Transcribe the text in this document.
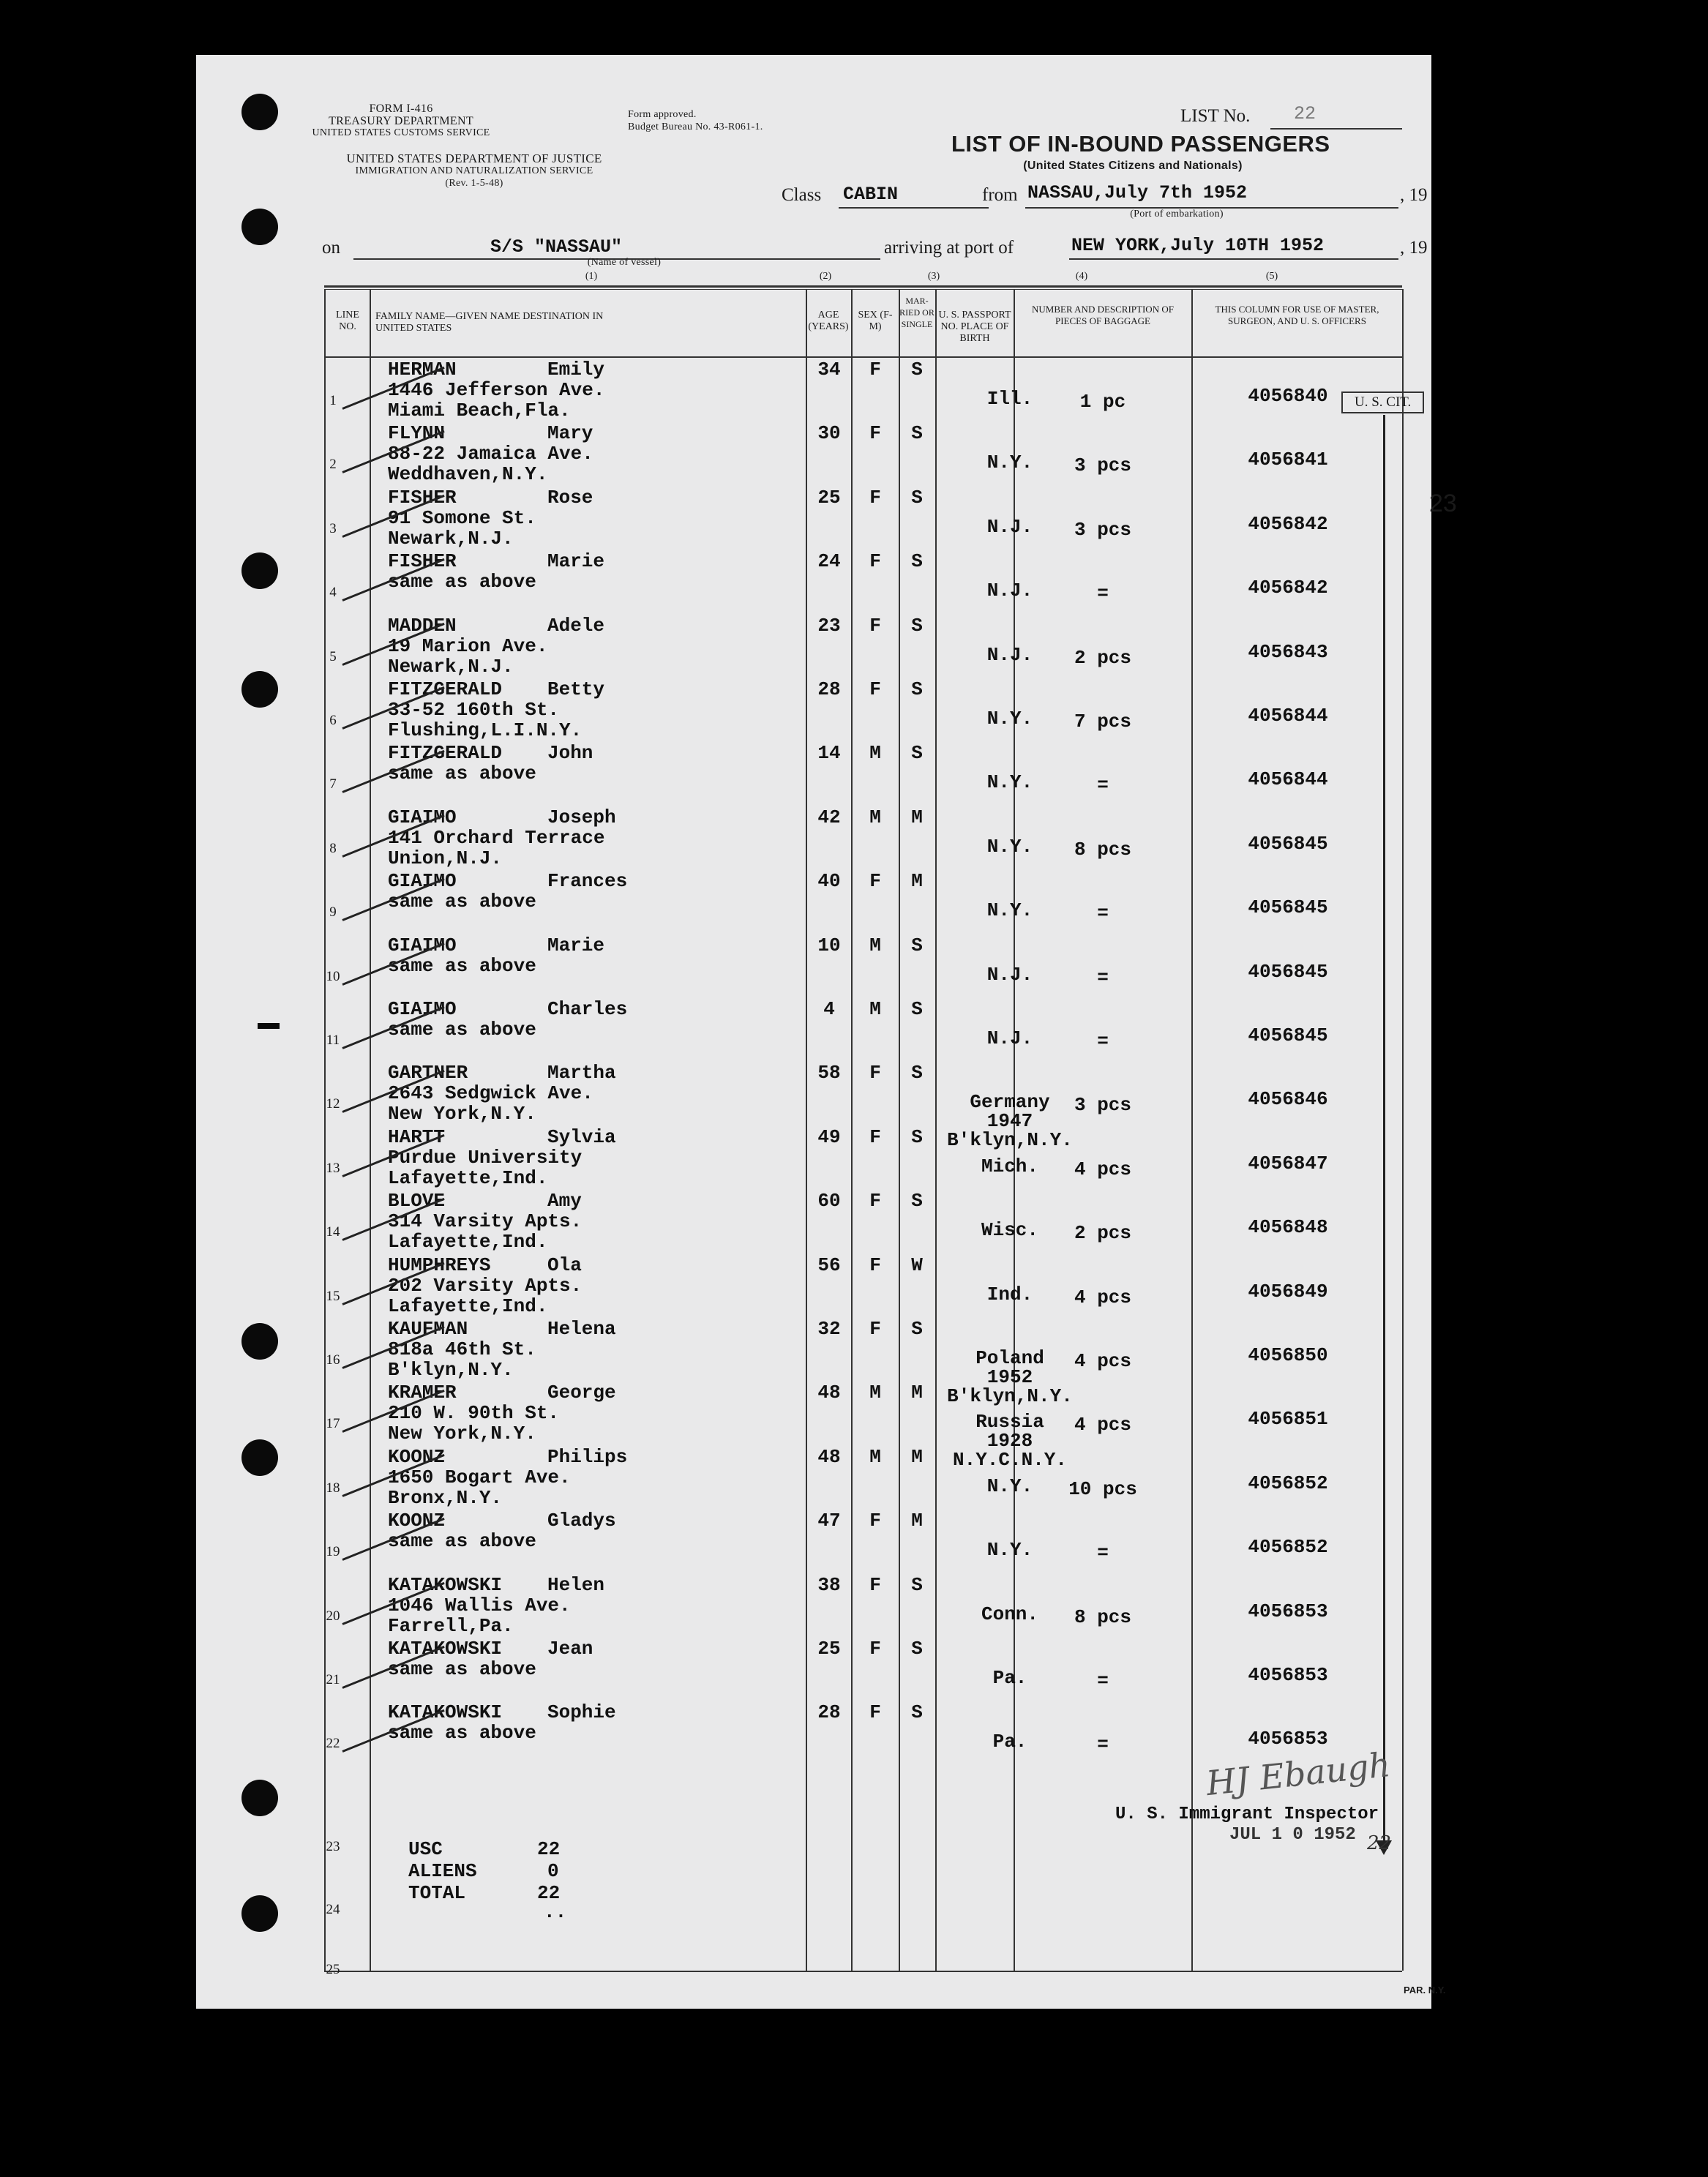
FORM I-416
TREASURY DEPARTMENT
UNITED STATES CUSTOMS SERVICE
UNITED STATES DEPARTMENT OF JUSTICE
IMMIGRATION AND NATURALIZATION SERVICE
(Rev. 1-5-48)
Form approved.
Budget Bureau No. 43-R061-1.
LIST No. 22
LIST OF IN-BOUND PASSENGERS
(United States Citizens and Nationals)
Class CABIN	from NASSAU,July 7th 1952
(Port of embarkation)
, 19
on	S/S "NASSAU"
(Name of vessel)
arriving at port of	NEW YORK,July 10TH 1952	, 19
(1)	(2)	(3)	(4)	(5)
LINE NO.
FAMILY NAME—GIVEN NAME DESTINATION IN UNITED STATES
AGE (YEARS)
SEX (F-M)
MAR- RIED OR SINGLE
U. S. PASSPORT NO. PLACE OF BIRTH
NUMBER AND DESCRIPTION OF PIECES OF BAGGAGE
THIS COLUMN FOR USE OF MASTER, SURGEON, AND U. S. OFFICERS
1
HERMAN	Emily
1446 Jefferson Ave.
Miami Beach,Fla.
34	F	S
Ill.	1 pc	4056840
2
FLYNN	Mary
88-22 Jamaica Ave.
Weddhaven,N.Y.
30	F	S
N.Y.	3 pcs	4056841
3
FISHER	Rose
91 Somone St.
Newark,N.J.
25	F	S
N.J.	3 pcs	4056842
4
FISHER	Marie
same as above
24	F	S
N.J.	=	4056842
5
MADDEN	Adele
19 Marion Ave.
Newark,N.J.
23	F	S
N.J.	2 pcs	4056843
6
FITZGERALD Betty
33-52 160th St.
Flushing,L.I.N.Y.
28	F	S
N.Y.	7 pcs	4056844
7
FITZGERALD John
same as above
14	M	S
N.Y.	=	4056844
8
GIAIMO	Joseph
141 Orchard Terrace
Union,N.J.
42	M	M
N.Y.	8 pcs	4056845
9
GIAIMO	Frances
same as above
40	F	M
N.Y.	=	4056845
10
GIAIMO	Marie
same as above
10	M	S
N.J.	=	4056845
11
GIAIMO	Charles
same as above
4	M	S
N.J.	=	4056845
12
GARTNER	Martha
2643 Sedgwick Ave.
New York,N.Y.
58	F	S
Germany
1947
B'klyn,N.Y.
3 pcs	4056846
13
HARTT	Sylvia
Purdue University
Lafayette,Ind.
49	F	S
Mich.	4 pcs	4056847
14
BLOVE	Amy
314 Varsity Apts.
Lafayette,Ind.
60	F	S
Wisc.	2 pcs	4056848
15
HUMPHREYS	Ola
202 Varsity Apts.
Lafayette,Ind.
56	F	W
Ind.	4 pcs	4056849
16
KAUFMAN	Helena
818a 46th St.
B'klyn,N.Y.
32	F	S
Poland
1952
B'klyn,N.Y.
4 pcs	4056850
17
KRAMER	George
210 W. 90th St.
New York,N.Y.
48	M	M
Russia
1928
N.Y.C.N.Y.
4 pcs	4056851
18
KOONZ	Philips
1650 Bogart Ave.
Bronx,N.Y.
48	M	M
N.Y.	10 pcs	4056852
19
KOONZ	Gladys
same as above
47	F	M
N.Y.	=	4056852
20
KATAKOWSKI Helen
1046 Wallis Ave.
Farrell,Pa.
38	F	S
Conn.	8 pcs	4056853
21
KATAKOWSKI Jean
same as above
25	F	S
Pa.	=	4056853
22
KATAKOWSKI Sophie
same as above
28	F	S
Pa.	=	4056853
23
24
25
USC	22
ALIENS	0
TOTAL	22
..
U. S. CIT.
HJ Ebaugh
U. S. Immigrant Inspector
JUL 1 0 1952 22
23
PAR. N.Y.
